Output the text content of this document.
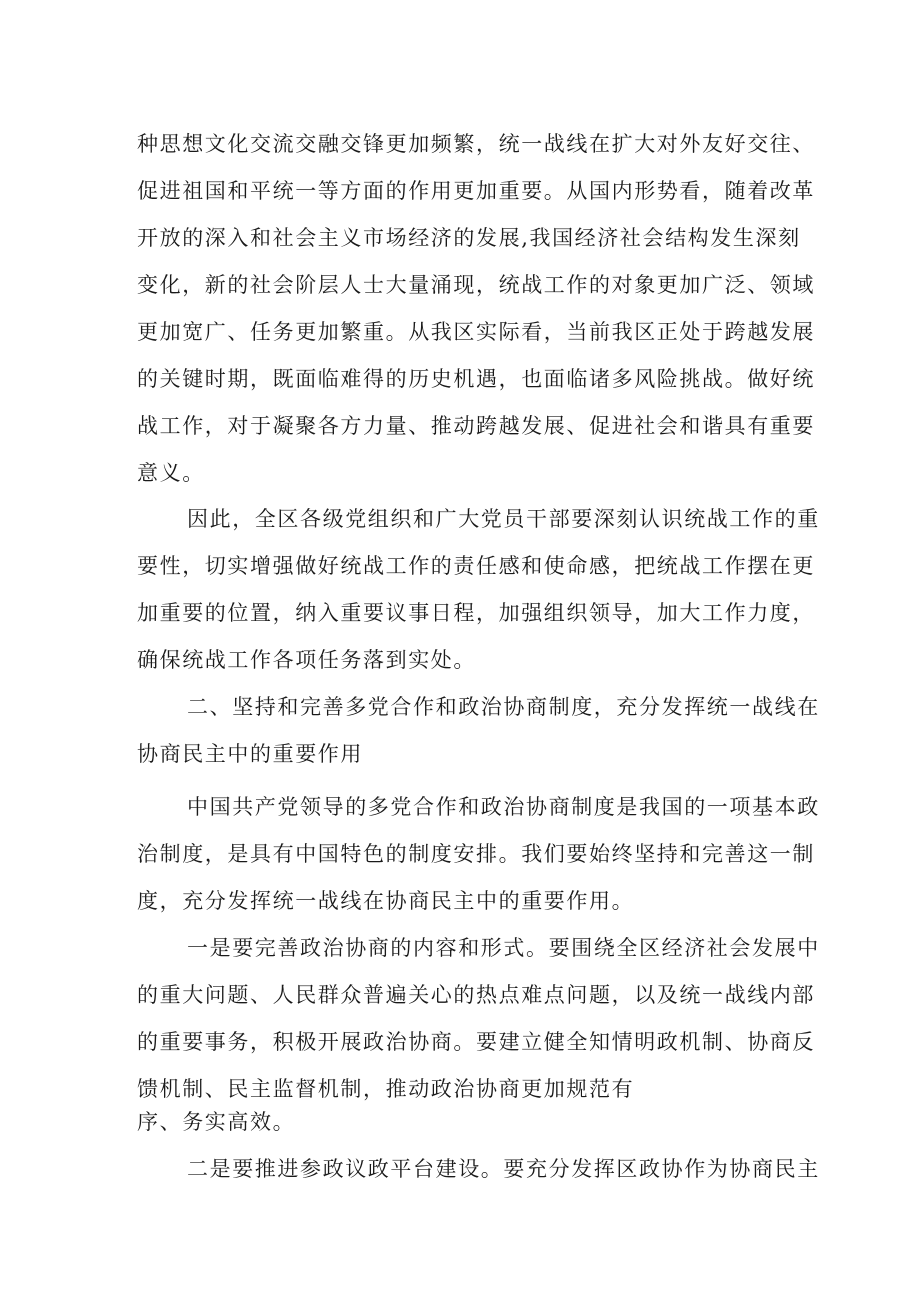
种思想文化交流交融交锋更加频繁，统一战线在扩大对外友好交往、
促进祖国和平统一等方面的作用更加重要。从国内形势看，随着改革
开放的深入和社会主义市场经济的发展,我国经济社会结构发生深刻
变化，新的社会阶层人士大量涌现，统战工作的对象更加广泛、领域
更加宽广、任务更加繁重。从我区实际看，当前我区正处于跨越发展
的关键时期，既面临难得的历史机遇，也面临诸多风险挑战。做好统
战工作，对于凝聚各方力量、推动跨越发展、促进社会和谐具有重要
意义。
因此，全区各级党组织和广大党员干部要深刻认识统战工作的重
要性，切实增强做好统战工作的责任感和使命感，把统战工作摆在更
加重要的位置，纳入重要议事日程，加强组织领导，加大工作力度，
确保统战工作各项任务落到实处。
二、坚持和完善多党合作和政治协商制度，充分发挥统一战线在
协商民主中的重要作用
中国共产党领导的多党合作和政治协商制度是我国的一项基本政
治制度，是具有中国特色的制度安排。我们要始终坚持和完善这一制
度，充分发挥统一战线在协商民主中的重要作用。
一是要完善政治协商的内容和形式。要围绕全区经济社会发展中
的重大问题、人民群众普遍关心的热点难点问题，以及统一战线内部
的重要事务，积极开展政治协商。要建立健全知情明政机制、协商反
馈机制、民主监督机制，推动政治协商更加规范有
序、务实高效。
二是要推进参政议政平台建设。要充分发挥区政协作为协商民主
